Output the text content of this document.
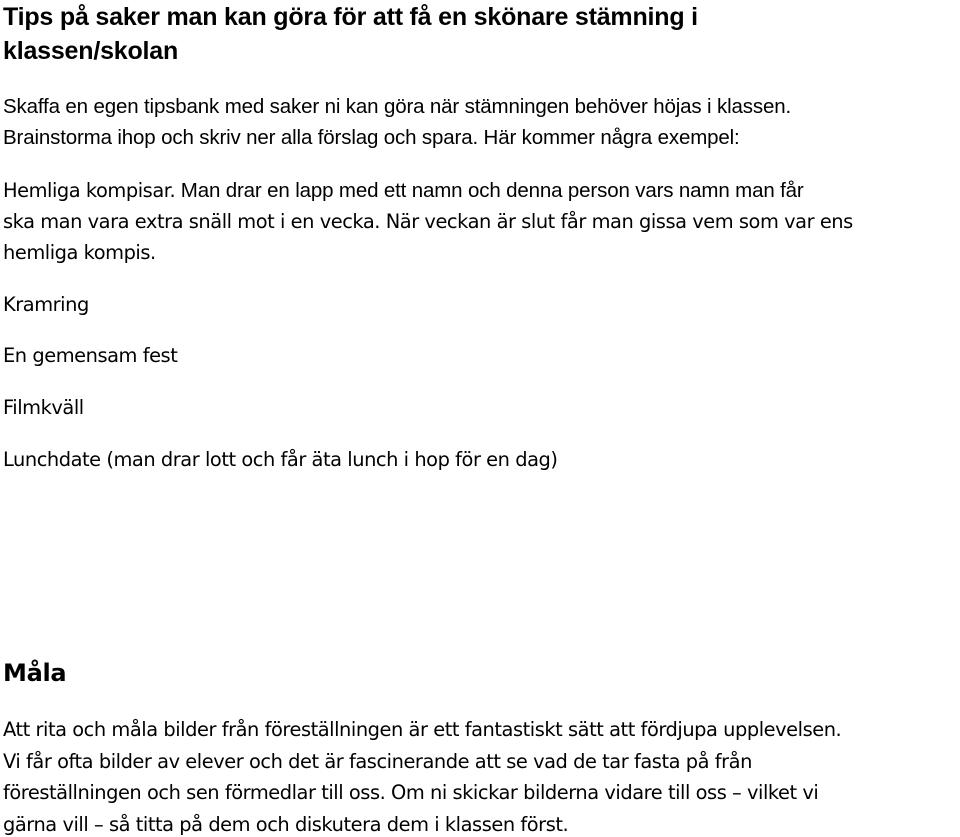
Tips på saker man kan göra för att få en skönare stämning i
klassen/skolan

Skaffa en egen tipsbank med saker ni kan göra när stämningen behöver höjas i klassen.
Brainstorma ihop och skriv ner alla förslag och spara. Här kommer några exempel:

Hemliga kompisar. Man drar en lapp med ett namn och denna person vars namn man får
ska man vara extra snäll mot i en vecka. När veckan är slut får man gissa vem som var ens
hemliga kompis.

Kramring

En gemensam fest

Filmkväll

Lunchdate (man drar lott och får äta lunch i hop för en dag)

Måla

Att rita och måla bilder från föreställningen är ett fantastiskt sätt att fördjupa upplevelsen.
Vi får ofta bilder av elever och det är fascinerande att se vad de tar fasta på från
föreställningen och sen förmedlar till oss. Om ni skickar bilderna vidare till oss – vilket vi
gärna vill – så titta på dem och diskutera dem i klassen först.
